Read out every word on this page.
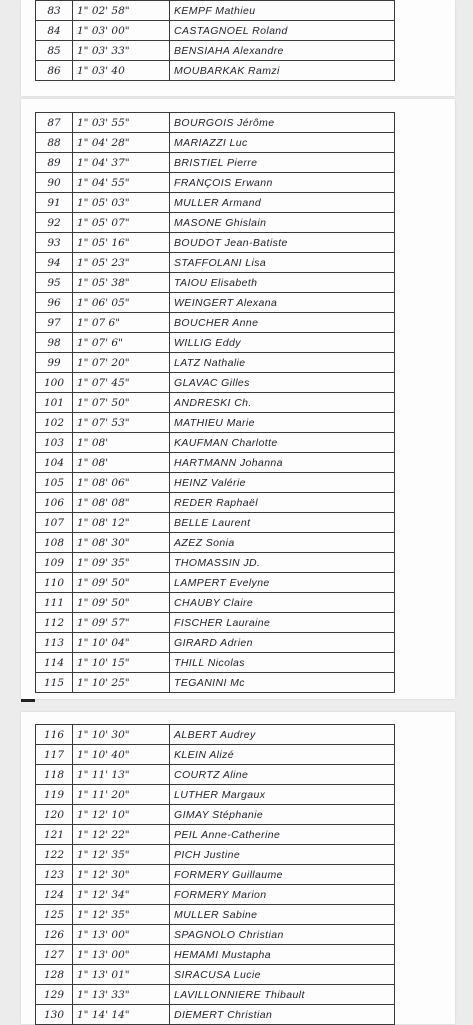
83	1" 02' 58"	KEMPF Mathieu
84	1" 03' 00"	CASTAGNOEL Roland
85	1" 03' 33"	BENSIAHA Alexandre
86	1" 03' 40	MOUBARKAK Ramzi
87	1" 03' 55"	BOURGOIS Jérôme
88	1" 04' 28"	MARIAZZI Luc
89	1" 04' 37"	BRISTIEL Pierre
90	1" 04' 55"	FRANÇOIS Erwann
91	1" 05' 03"	MULLER Armand
92	1" 05' 07"	MASONE Ghislain
93	1" 05' 16"	BOUDOT Jean-Batiste
94	1" 05' 23"	STAFFOLANI Lisa
95	1" 05' 38"	TAIOU Elisabeth
96	1" 06' 05"	WEINGERT Alexana
97	1" 07 6"	BOUCHER Anne
98	1" 07' 6"	WILLIG Eddy
99	1" 07' 20"	LATZ Nathalie
100	1" 07' 45"	GLAVAC Gilles
101	1" 07' 50"	ANDRESKI Ch.
102	1" 07' 53"	MATHIEU Marie
103	1" 08'	KAUFMAN Charlotte
104	1" 08'	HARTMANN Johanna
105	1" 08' 06"	HEINZ Valérie
106	1" 08' 08"	REDER Raphaël
107	1" 08' 12"	BELLE Laurent
108	1" 08' 30"	AZEZ Sonia
109	1" 09' 35"	THOMASSIN JD.
110	1" 09' 50"	LAMPERT Evelyne
111	1" 09' 50"	CHAUBY Claire
112	1" 09' 57"	FISCHER Lauraine
113	1" 10' 04"	GIRARD Adrien
114	1" 10' 15"	THILL Nicolas
115	1" 10' 25"	TEGANINI Mc
116	1" 10' 30"	ALBERT Audrey
117	1" 10' 40"	KLEIN Alizé
118	1" 11' 13"	COURTZ Aline
119	1" 11' 20"	LUTHER Margaux
120	1" 12' 10"	GIMAY Stéphanie
121	1" 12' 22"	PEIL Anne-Catherine
122	1" 12' 35"	PICH Justine
123	1" 12' 30"	FORMERY Guillaume
124	1" 12' 34"	FORMERY Marion
125	1" 12' 35"	MULLER Sabine
126	1" 13' 00"	SPAGNOLO Christian
127	1" 13' 00"	HEMAMI Mustapha
128	1" 13' 01"	SIRACUSA Lucie
129	1" 13' 33"	LAVILLONNIERE Thibault
130	1" 14' 14"	DIEMERT Christian
